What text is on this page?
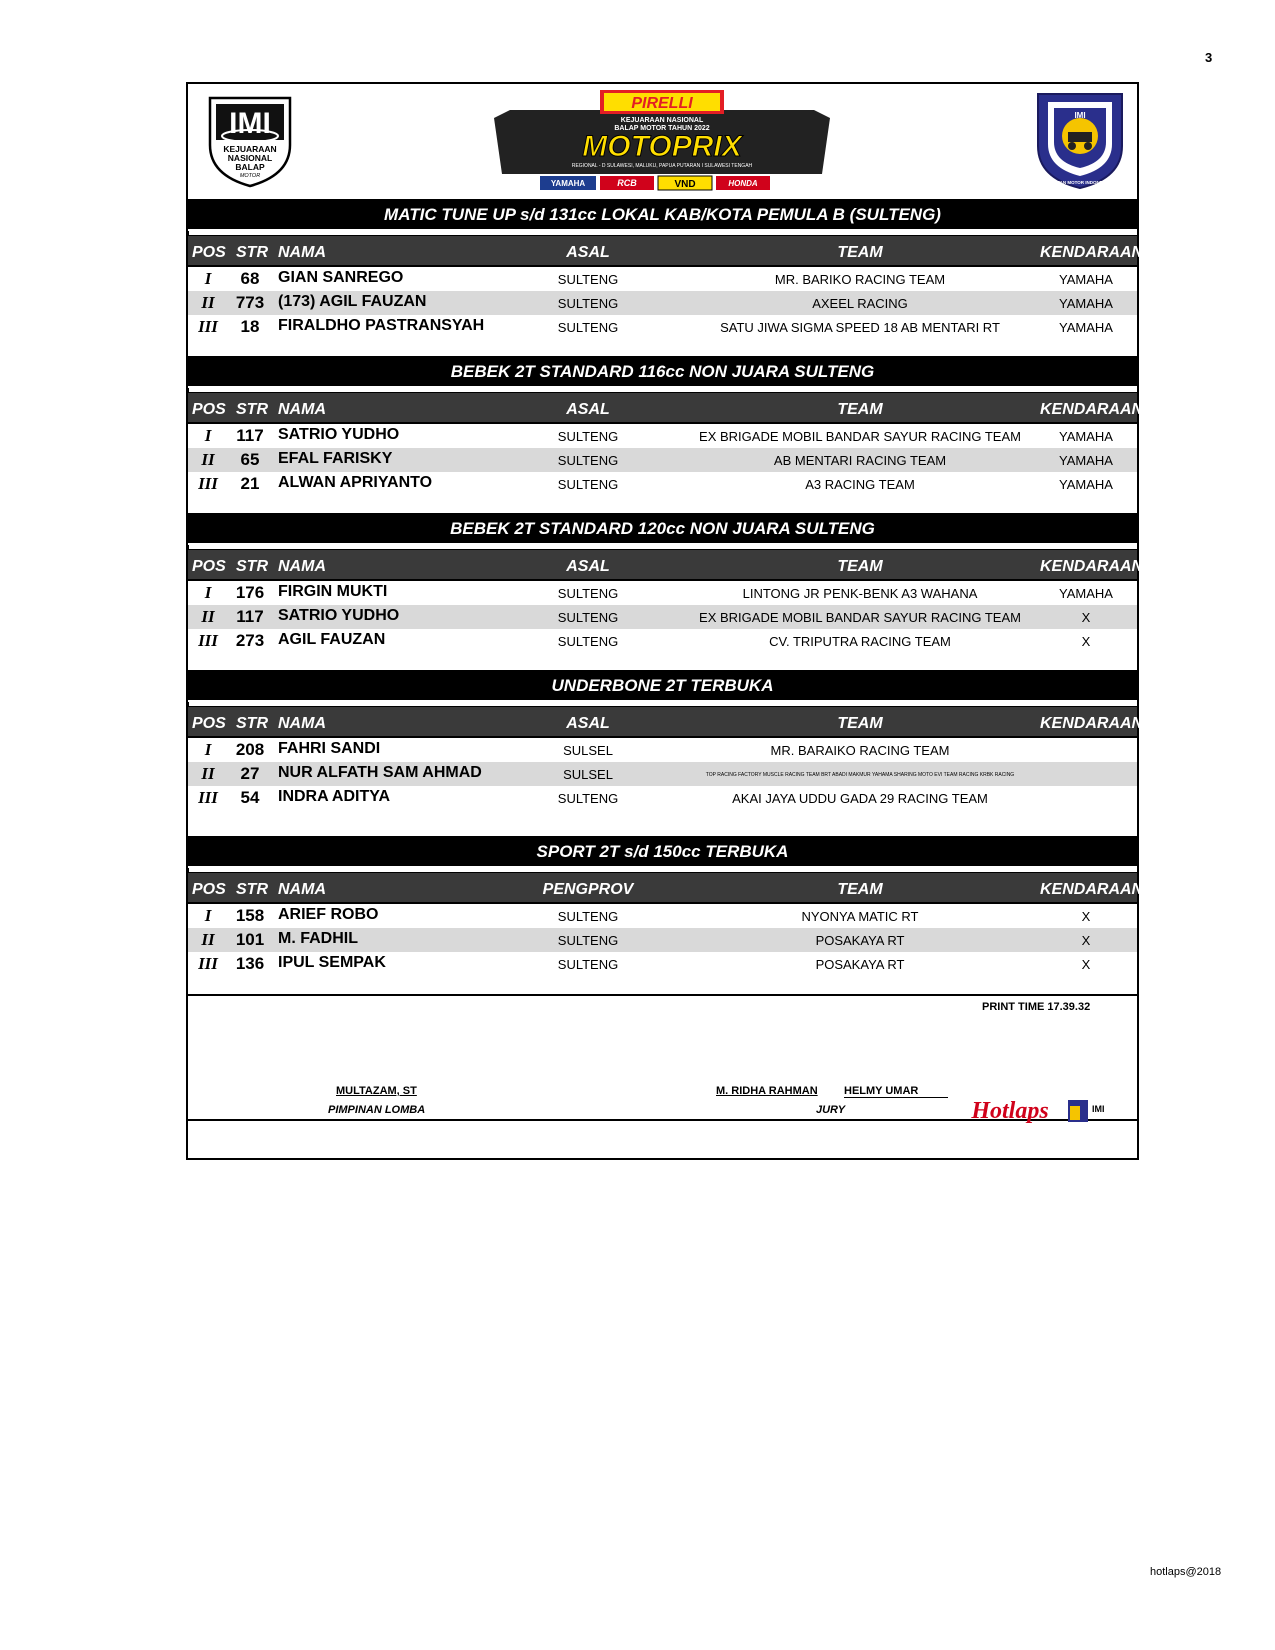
3
IMI
KEJUARAAN
NASIONAL
BALAP
MOTOR
PIRELLI
KEJUARAAN NASIONAL
BALAP MOTOR TAHUN 2022
MOTOPRIX
REGIONAL - D SULAWESI, MALUKU, PAPUA PUTARAN I SULAWESI TENGAH
YAMAHA	RCB	VND	HONDA
IMI
IKATAN MOTOR INDONESIA
MATIC TUNE UP s/d 131cc LOKAL KAB/KOTA PEMULA B (SULTENG)
POS STR NAMA	ASAL	TEAM	KENDARAAN
I	68	GIAN SANREGO	SULTENG	MR. BARIKO RACING TEAM	YAMAHA
II	773 (173) AGIL FAUZAN	SULTENG	AXEEL RACING	YAMAHA
III	18	FIRALDHO PASTRANSYAH	SULTENG	SATU JIWA SIGMA SPEED 18 AB MENTARI RT	YAMAHA
BEBEK 2T STANDARD 116cc NON JUARA SULTENG
POS STR NAMA	ASAL	TEAM	KENDARAAN
I	117 SATRIO YUDHO	SULTENG	EX BRIGADE MOBIL BANDAR SAYUR RACING TEAM	YAMAHA
II	65	EFAL FARISKY	SULTENG	AB MENTARI RACING TEAM	YAMAHA
III	21	ALWAN APRIYANTO	SULTENG	A3 RACING TEAM	YAMAHA
BEBEK 2T STANDARD 120cc NON JUARA SULTENG
POS STR NAMA	ASAL	TEAM	KENDARAAN
I	176 FIRGIN MUKTI	SULTENG	LINTONG JR PENK-BENK A3 WAHANA	YAMAHA
II	117 SATRIO YUDHO	SULTENG	EX BRIGADE MOBIL BANDAR SAYUR RACING TEAM	X
III	273 AGIL FAUZAN	SULTENG	CV. TRIPUTRA RACING TEAM	X
UNDERBONE 2T TERBUKA
POS STR NAMA	ASAL	TEAM	KENDARAAN
I	208 FAHRI SANDI	SULSEL	MR. BARAIKO RACING TEAM
II	27	NUR ALFATH SAM AHMAD	SULSEL	TOP RACING FACTORY MUSCLE RACING TEAM BRT ABADI MAKMUR YAHAMA SHARING MOTO EVI TEAM RACING KRBK RACING
III	54	INDRA ADITYA	SULTENG	AKAI JAYA UDDU GADA 29 RACING TEAM
SPORT 2T s/d 150cc TERBUKA
POS STR NAMA	PENGPROV	TEAM	KENDARAAN
I	158 ARIEF ROBO	SULTENG	NYONYA MATIC RT	X
II	101 M. FADHIL	SULTENG	POSAKAYA RT	X
III	136 IPUL SEMPAK	SULTENG	POSAKAYA RT	X
PRINT TIME 17.39.32
MULTAZAM, ST
PIMPINAN LOMBA
M. RIDHA RAHMAN HELMY UMAR
JURY	Hotlaps	IMI
hotlaps@2018
